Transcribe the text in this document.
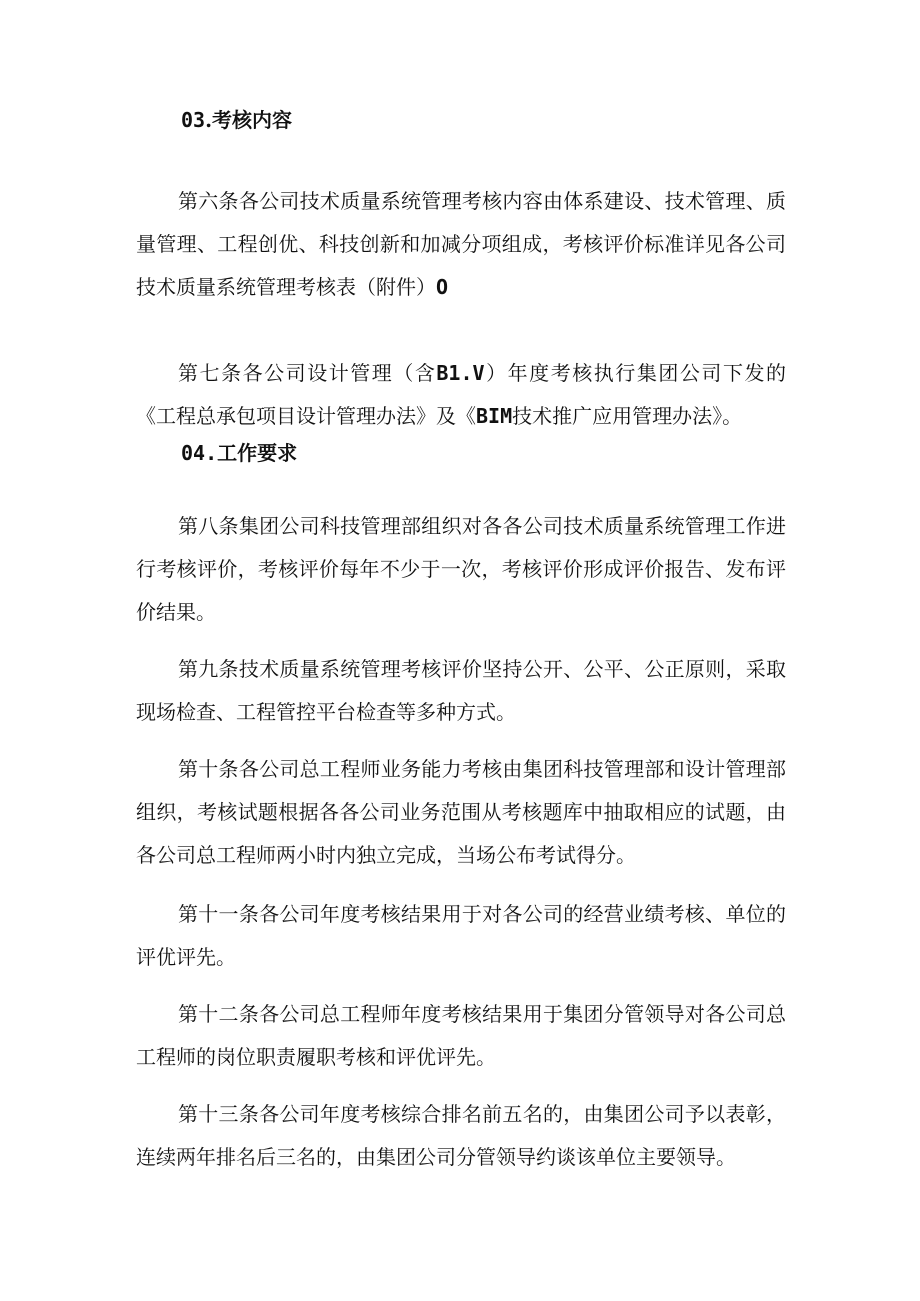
03.考核内容

第六条各公司技术质量系统管理考核内容由体系建设、技术管理、质量管理、工程创优、科技创新和加减分项组成，考核评价标准详见各公司技术质量系统管理考核表（附件）O

第七条各公司设计管理（含B1.V）年度考核执行集团公司下发的《工程总承包项目设计管理办法》及《BIM技术推广应用管理办法》。

04.工作要求

第八条集团公司科技管理部组织对各各公司技术质量系统管理工作进行考核评价，考核评价每年不少于一次，考核评价形成评价报告、发布评价结果。

第九条技术质量系统管理考核评价坚持公开、公平、公正原则，采取现场检查、工程管控平台检查等多种方式。

第十条各公司总工程师业务能力考核由集团科技管理部和设计管理部组织，考核试题根据各各公司业务范围从考核题库中抽取相应的试题，由各公司总工程师两小时内独立完成，当场公布考试得分。

第十一条各公司年度考核结果用于对各公司的经营业绩考核、单位的评优评先。

第十二条各公司总工程师年度考核结果用于集团分管领导对各公司总工程师的岗位职责履职考核和评优评先。

第十三条各公司年度考核综合排名前五名的，由集团公司予以表彰，连续两年排名后三名的，由集团公司分管领导约谈该单位主要领导。
